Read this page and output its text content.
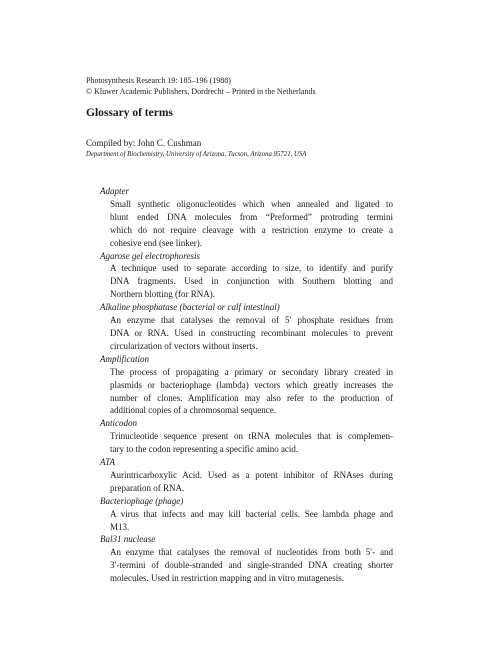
Photosynthesis Research 19: 185–196 (1988)
© Kluwer Academic Publishers, Dordrecht – Printed in the Netherlands
Glossary of terms
Compiled by: John C. Cushman
Department of Biochemistry, University of Arizona, Tucson, Arizona 85721, USA
Adapter
Small synthetic oligonucleotides which when annealed and ligated to
blunt ended DNA molecules from “Preformed” protruding termini
which do not require cleavage with a restriction enzyme to create a
cohesive end (see linker).
Agarose gel electrophoresis
A technique used to separate according to size, to identify and purify
DNA fragments. Used in conjunction with Southern blotting and
Northern blotting (for RNA).
Alkaline phosphatase (bacterial or calf intestinal)
An enzyme that catalyses the removal of 5′ phosphate residues from
DNA or RNA. Used in constructing recombinant molecules to prevent
circularization of vectors without inserts.
Amplification
The process of propagating a primary or secondary library created in
plasmids or bacteriophage (lambda) vectors which greatly increases the
number of clones. Amplification may also refer to the production of
additional copies of a chromosomal sequence.
Anticodon
Trinucleotide sequence present on tRNA molecules that is complemen-
tary to the codon representing a specific amino acid.
ATA
Aurintricarboxylic Acid. Used as a potent inhibitor of RNAses during
preparation of RNA.
Bacteriophage (phage)
A virus that infects and may kill bacterial cells. See lambda phage and
M13.
Bal31 nuclease
An enzyme that catalyses the removal of nucleotides from both 5′- and
3′-termini of double-stranded and single-stranded DNA creating shorter
molecules. Used in restriction mapping and in vitro mutagenesis.
